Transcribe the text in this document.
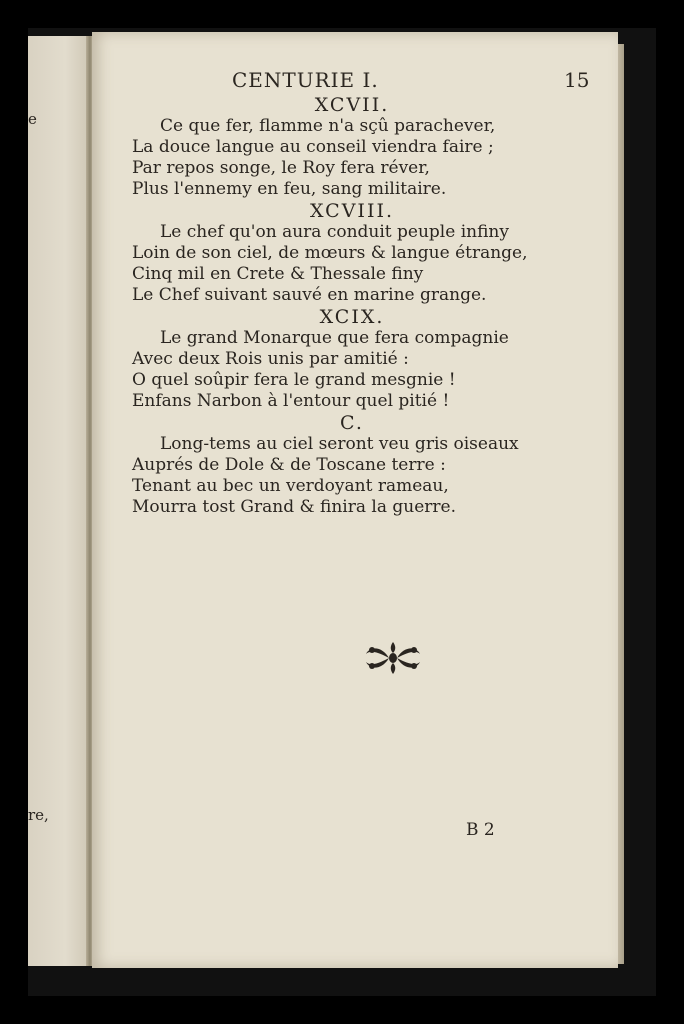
e
re,
CENTURIE I.	15
XCVII.
Ce que fer, flamme n'a sçû parachever,
La douce langue au conseil viendra faire ;
Par repos songe, le Roy fera réver,
Plus l'ennemy en feu, sang militaire.
XCVIII.
Le chef qu'on aura conduit peuple infiny
Loin de son ciel, de mœurs & langue étrange,
Cinq mil en Crete & Thessale finy
Le Chef suivant sauvé en marine grange.
XCIX.
Le grand Monarque que fera compagnie
Avec deux Rois unis par amitié :
O quel soûpir fera le grand mesgnie !
Enfans Narbon à l'entour quel pitié !
C.
Long-tems au ciel seront veu gris oiseaux
Auprés de Dole & de Toscane terre :
Tenant au bec un verdoyant rameau,
Mourra tost Grand & finira la guerre.
B 2
